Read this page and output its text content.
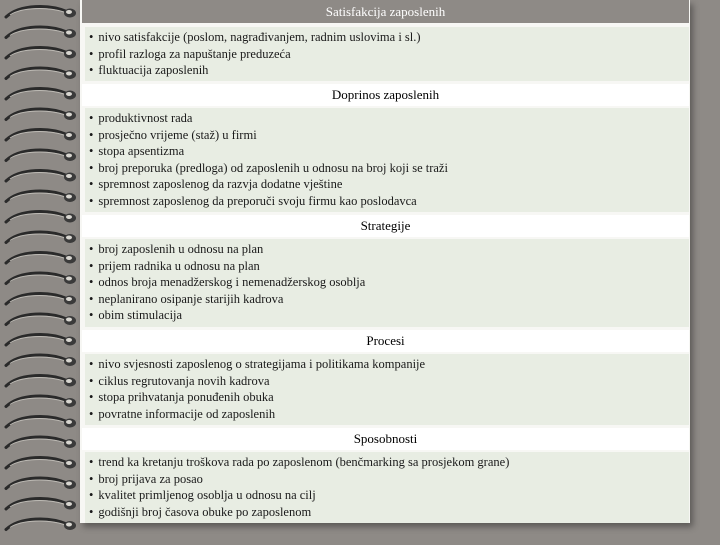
Satisfakcija zaposlenih
• nivo satisfakcije (poslom, nagrađivanjem, radnim uslovima i sl.)
• profil razloga za napuštanje preduzeća
• fluktuacija zaposlenih
Doprinos zaposlenih
• produktivnost rada
• prosječno vrijeme (staž) u firmi
• stopa apsentizma
• broj preporuka (predloga) od zaposlenih u odnosu na broj koji se traži
• spremnost zaposlenog da razvja dodatne vještine
• spremnost zaposlenog da preporuči svoju firmu kao poslodavca
Strategije
• broj zaposlenih u odnosu na plan
• prijem radnika u odnosu na plan
• odnos broja menadžerskog i nemenadžerskog osoblja
• neplanirano osipanje starijih kadrova
• obim stimulacija
Procesi
• nivo svjesnosti zaposlenog o strategijama i politikama kompanije
• ciklus regrutovanja novih kadrova
• stopa prihvatanja ponuđenih obuka
• povratne informacije od zaposlenih
Sposobnosti
• trend ka kretanju troškova rada po zaposlenom (benčmarking sa prosjekom grane)
• broj prijava za posao
• kvalitet primljenog osoblja u odnosu na cilj
• godišnji broj časova obuke po zaposlenom
